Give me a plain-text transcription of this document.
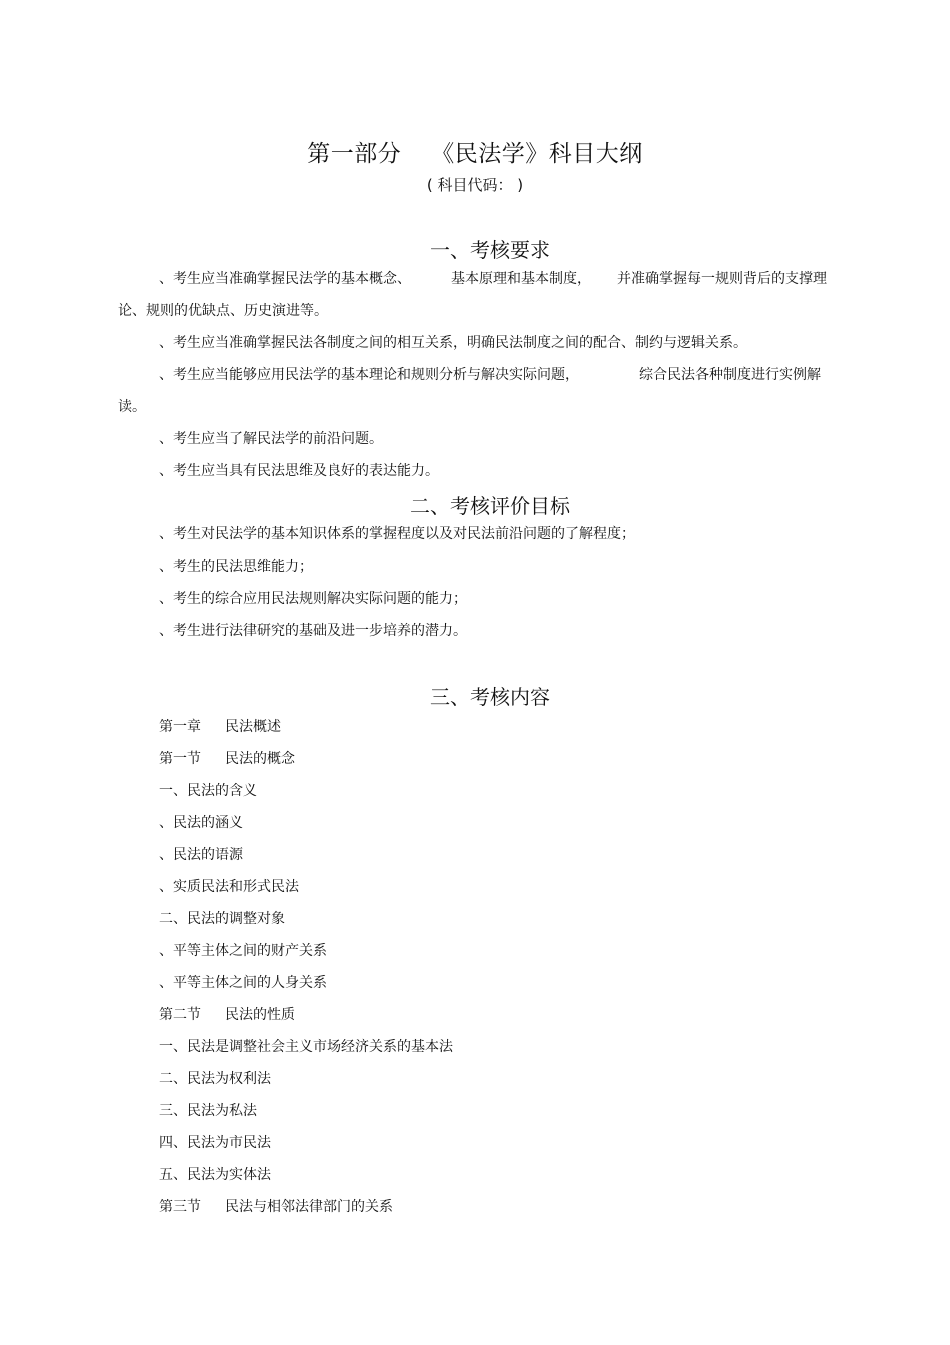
第一部分 《民法学》科目大纲
( 科目代码： )
一、考核要求
、考生应当准确掌握民法学的基本概念、	基本原理和基本制度， 并准确掌握每一规则背后的支撑理
论、规则的优缺点、历史演进等。
、考生应当准确掌握民法各制度之间的相互关系，明确民法制度之间的配合、制约与逻辑关系。
、考生应当能够应用民法学的基本理论和规则分析与解决实际问题，	综合民法各种制度进行实例解
读。
、考生应当了解民法学的前沿问题。
、考生应当具有民法思维及良好的表达能力。
二、考核评价目标
、考生对民法学的基本知识体系的掌握程度以及对民法前沿问题的了解程度；
、考生的民法思维能力；
、考生的综合应用民法规则解决实际问题的能力；
、考生进行法律研究的基础及进一步培养的潜力。
三、考核内容
第一章 民法概述
第一节 民法的概念
一、民法的含义
、民法的涵义
、民法的语源
、实质民法和形式民法
二、民法的调整对象
、平等主体之间的财产关系
、平等主体之间的人身关系
第二节 民法的性质
一、民法是调整社会主义市场经济关系的基本法
二、民法为权利法
三、民法为私法
四、民法为市民法
五、民法为实体法
第三节 民法与相邻法律部门的关系
